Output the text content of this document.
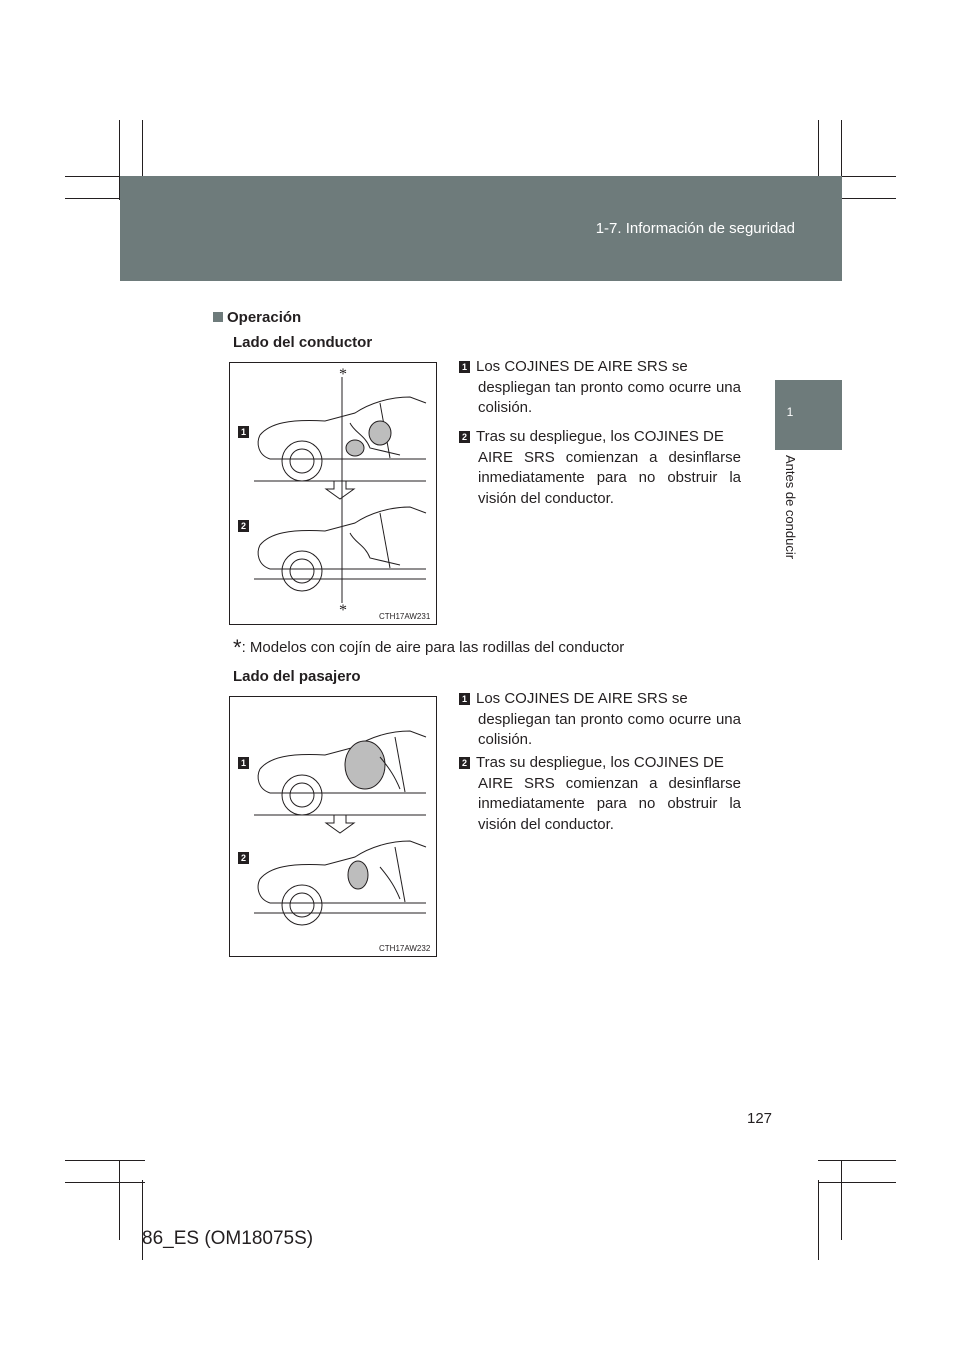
1-7. Información de seguridad
1
Antes de conducir
Operación
Lado del conductor
*
*
1
2
CTH17AW231
1 Los COJINES DE AIRE SRS se
despliegan tan pronto como ocurre una colisión.
2 Tras su despliegue, los COJINES DE
AIRE SRS comienzan a desinflarse inmediatamente para no obstruir la visión del conductor.
*: Modelos con cojín de aire para las rodillas del conductor
Lado del pasajero
1
2
CTH17AW232
1 Los COJINES DE AIRE SRS se
despliegan tan pronto como ocurre una colisión.
2 Tras su despliegue, los COJINES DE
AIRE SRS comienzan a desinflarse inmediatamente para no obstruir la visión del conductor.
127
86_ES (OM18075S)
